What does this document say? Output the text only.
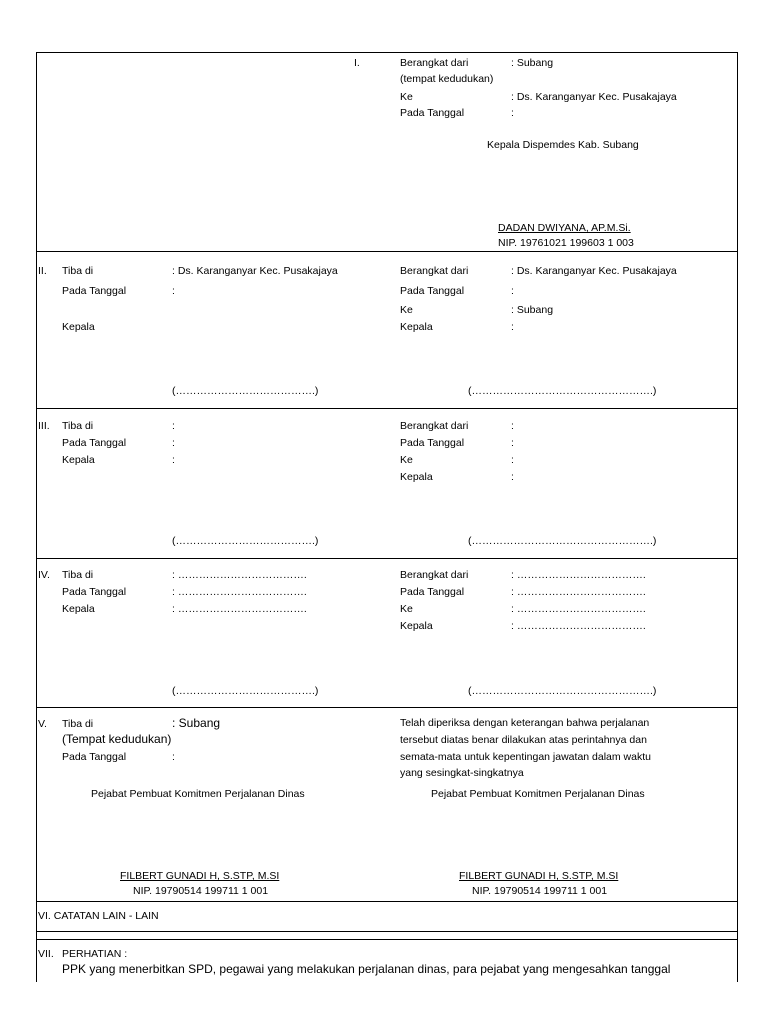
I.	Berangkat dari	: Subang
(tempat kedudukan)
Ke	: Ds. Karanganyar Kec. Pusakajaya
Pada Tanggal	:
Kepala Dispemdes Kab. Subang
DADAN DWIYANA, AP.M.Si.
NIP. 19761021 199603 1 003
II. Tiba di	: Ds. Karanganyar Kec. Pusakajaya
Pada Tanggal	:
Kepala
(………………………………….)
Berangkat dari	: Ds. Karanganyar Kec. Pusakajaya
Pada Tanggal	:
Ke	: Subang
Kepala	:
(…………………………………………….)
III. Tiba di	:
Pada Tanggal	:
Kepala	:
(………………………………….)
Berangkat dari	:
Pada Tanggal	:
Ke	:
Kepala	:
(…………………………………………….)
IV. Tiba di	: ……………………………….
Pada Tanggal	: ……………………………….
Kepala	: ……………………………….
(………………………………….)
Berangkat dari	: ……………………………….
Pada Tanggal	: ……………………………….
Ke	: ……………………………….
Kepala	: ……………………………….
(…………………………………………….)
V. Tiba di	: Subang
(Tempat kedudukan)
Pada Tanggal	:
Telah diperiksa dengan keterangan bahwa perjalanan
tersebut diatas benar dilakukan atas perintahnya dan
semata-mata untuk kepentingan jawatan dalam waktu
yang sesingkat-singkatnya
Pejabat Pembuat Komitmen Perjalanan Dinas	Pejabat Pembuat Komitmen Perjalanan Dinas
FILBERT GUNADI H, S.STP, M.SI
NIP. 19790514 199711 1 001
FILBERT GUNADI H, S.STP, M.SI
NIP. 19790514 199711 1 001
VI. CATATAN LAIN - LAIN
VII. PERHATIAN :
PPK yang menerbitkan SPD, pegawai yang melakukan perjalanan dinas, para pejabat yang mengesahkan tanggal
